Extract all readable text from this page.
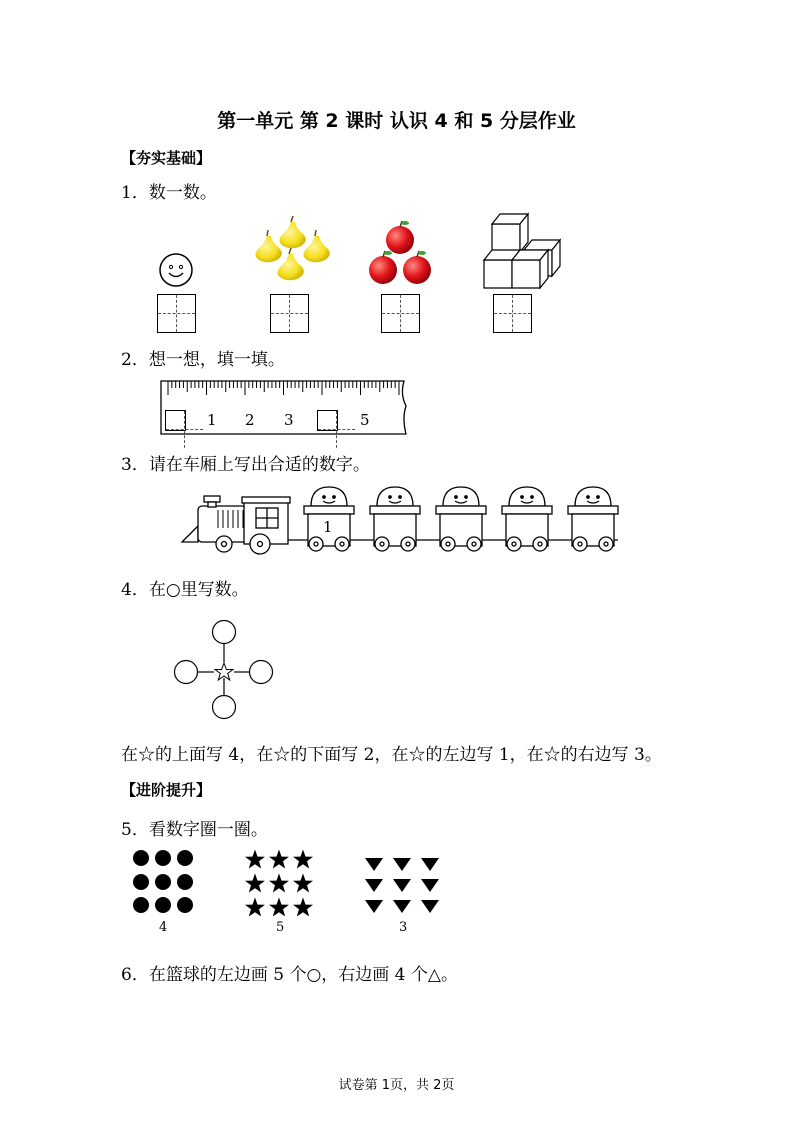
第一单元 第 2 课时 认识 4 和 5 分层作业
【夯实基础】
1．数一数。
2．想一想，填一填。
1 2 3	5
3．请在车厢上写出合适的数字。
1
4．在○里写数。
在☆的上面写 4，在☆的下面写 2，在☆的左边写 1，在☆的右边写 3。
【进阶提升】
5．看数字圈一圈。
4	5	3
6．在篮球的左边画 5 个○，右边画 4 个△。
试卷第 1页，共 2页
